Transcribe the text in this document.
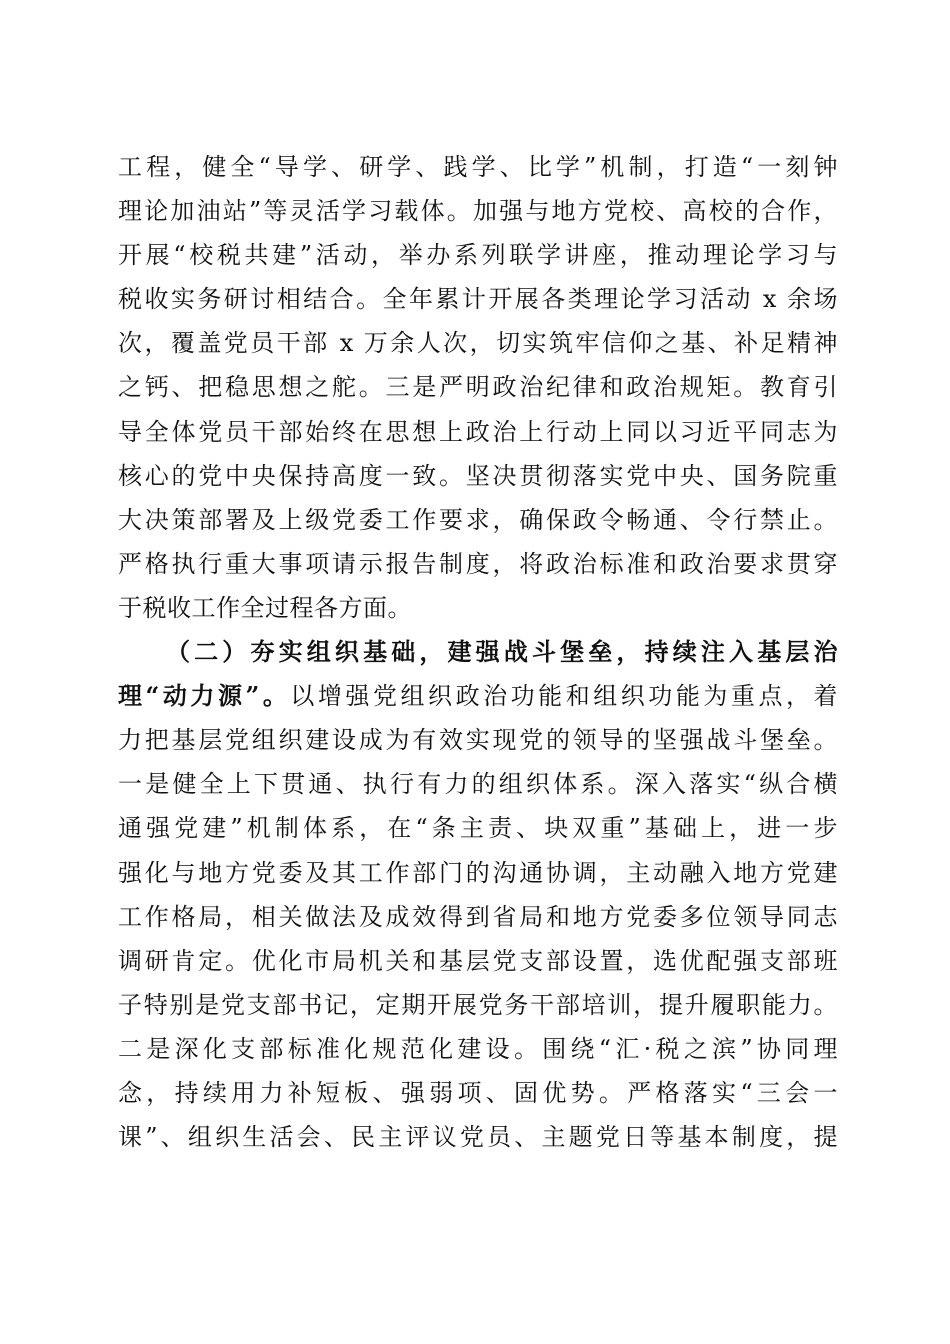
工程，健全“导学、研学、践学、比学”机制，打造“一刻钟
理论加油站”等灵活学习载体。加强与地方党校、高校的合作，
开展“校税共建”活动，举办系列联学讲座，推动理论学习与
税收实务研讨相结合。全年累计开展各类理论学习活动 x 余场
次，覆盖党员干部 x 万余人次，切实筑牢信仰之基、补足精神
之钙、把稳思想之舵。三是严明政治纪律和政治规矩。教育引
导全体党员干部始终在思想上政治上行动上同以习近平同志为
核心的党中央保持高度一致。坚决贯彻落实党中央、国务院重
大决策部署及上级党委工作要求，确保政令畅通、令行禁止。
严格执行重大事项请示报告制度，将政治标准和政治要求贯穿
于税收工作全过程各方面。
（二）夯实组织基础，建强战斗堡垒，持续注入基层治
理“动力源”。以增强党组织政治功能和组织功能为重点，着
力把基层党组织建设成为有效实现党的领导的坚强战斗堡垒。
一是健全上下贯通、执行有力的组织体系。深入落实“纵合横
通强党建”机制体系，在“条主责、块双重”基础上，进一步
强化与地方党委及其工作部门的沟通协调，主动融入地方党建
工作格局，相关做法及成效得到省局和地方党委多位领导同志
调研肯定。优化市局机关和基层党支部设置，选优配强支部班
子特别是党支部书记，定期开展党务干部培训，提升履职能力。
二是深化支部标准化规范化建设。围绕“汇·税之滨”协同理
念，持续用力补短板、强弱项、固优势。严格落实“三会一
课”、组织生活会、民主评议党员、主题党日等基本制度，提
